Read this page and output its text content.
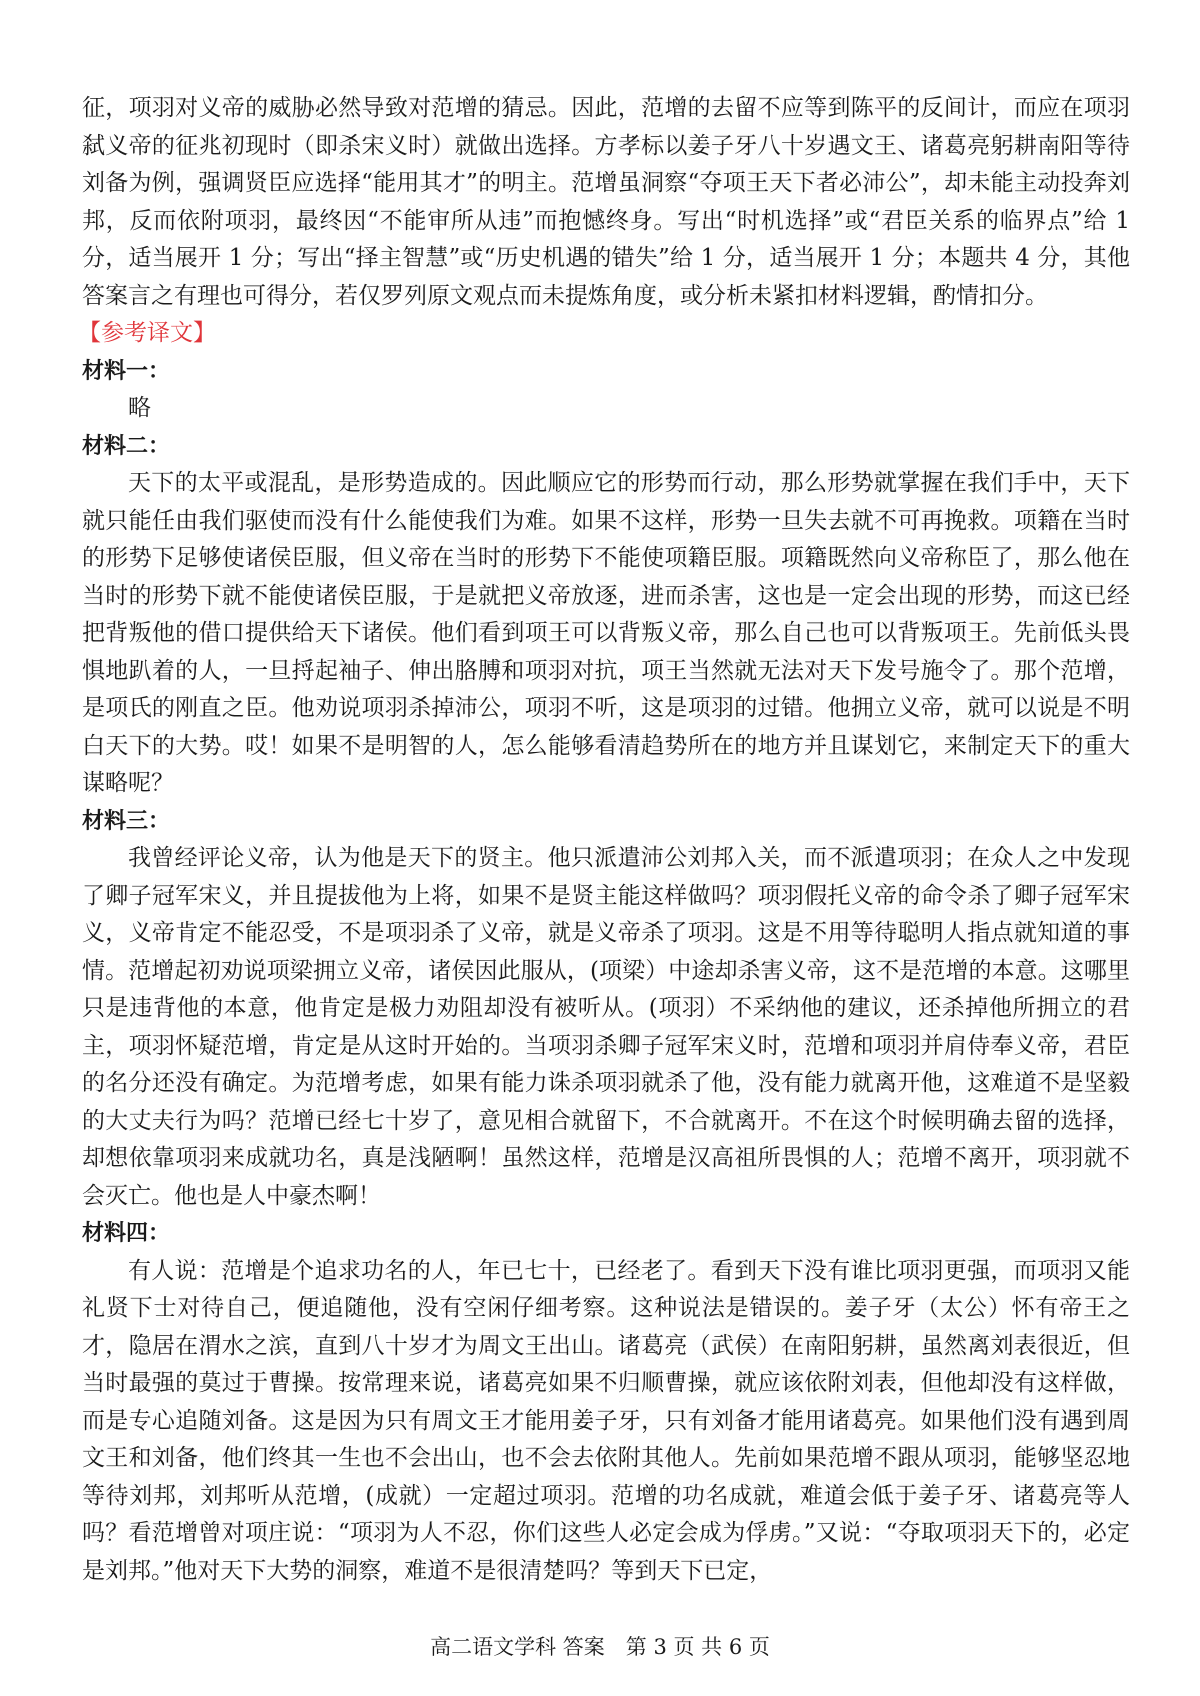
征，项羽对义帝的威胁必然导致对范增的猜忌。因此，范增的去留不应等到陈平的反间计，而应在项羽弑义帝的征兆初现时（即杀宋义时）就做出选择。方孝标以姜子牙八十岁遇文王、诸葛亮躬耕南阳等待刘备为例，强调贤臣应选择“能用其才”的明主。范增虽洞察“夺项王天下者必沛公”，却未能主动投奔刘邦，反而依附项羽，最终因“不能审所从违”而抱憾终身。写出“时机选择”或“君臣关系的临界点”给 1 分，适当展开 1 分；写出“择主智慧”或“历史机遇的错失”给 1 分，适当展开 1 分；本题共 4 分，其他答案言之有理也可得分，若仅罗列原文观点而未提炼角度，或分析未紧扣材料逻辑，酌情扣分。

【参考译文】

材料一：

略

材料二：

天下的太平或混乱，是形势造成的。因此顺应它的形势而行动，那么形势就掌握在我们手中，天下就只能任由我们驱使而没有什么能使我们为难。如果不这样，形势一旦失去就不可再挽救。项籍在当时的形势下足够使诸侯臣服，但义帝在当时的形势下不能使项籍臣服。项籍既然向义帝称臣了，那么他在当时的形势下就不能使诸侯臣服，于是就把义帝放逐，进而杀害，这也是一定会出现的形势，而这已经把背叛他的借口提供给天下诸侯。他们看到项王可以背叛义帝，那么自己也可以背叛项王。先前低头畏惧地趴着的人，一旦捋起袖子、伸出胳膊和项羽对抗，项王当然就无法对天下发号施令了。那个范增，是项氏的刚直之臣。他劝说项羽杀掉沛公，项羽不听，这是项羽的过错。他拥立义帝，就可以说是不明白天下的大势。哎！如果不是明智的人，怎么能够看清趋势所在的地方并且谋划它，来制定天下的重大谋略呢？

材料三：

我曾经评论义帝，认为他是天下的贤主。他只派遣沛公刘邦入关，而不派遣项羽；在众人之中发现了卿子冠军宋义，并且提拔他为上将，如果不是贤主能这样做吗？项羽假托义帝的命令杀了卿子冠军宋义，义帝肯定不能忍受，不是项羽杀了义帝，就是义帝杀了项羽。这是不用等待聪明人指点就知道的事情。范增起初劝说项梁拥立义帝，诸侯因此服从，(项梁）中途却杀害义帝，这不是范增的本意。这哪里只是违背他的本意，他肯定是极力劝阻却没有被听从。(项羽）不采纳他的建议，还杀掉他所拥立的君主，项羽怀疑范增，肯定是从这时开始的。当项羽杀卿子冠军宋义时，范增和项羽并肩侍奉义帝，君臣的名分还没有确定。为范增考虑，如果有能力诛杀项羽就杀了他，没有能力就离开他，这难道不是坚毅的大丈夫行为吗？范增已经七十岁了，意见相合就留下，不合就离开。不在这个时候明确去留的选择，却想依靠项羽来成就功名，真是浅陋啊！虽然这样，范增是汉高祖所畏惧的人；范增不离开，项羽就不会灭亡。他也是人中豪杰啊！

材料四：

有人说：范增是个追求功名的人，年已七十，已经老了。看到天下没有谁比项羽更强，而项羽又能礼贤下士对待自己，便追随他，没有空闲仔细考察。这种说法是错误的。姜子牙（太公）怀有帝王之才，隐居在渭水之滨，直到八十岁才为周文王出山。诸葛亮（武侯）在南阳躬耕，虽然离刘表很近，但当时最强的莫过于曹操。按常理来说，诸葛亮如果不归顺曹操，就应该依附刘表，但他却没有这样做，而是专心追随刘备。这是因为只有周文王才能用姜子牙，只有刘备才能用诸葛亮。如果他们没有遇到周文王和刘备，他们终其一生也不会出山，也不会去依附其他人。先前如果范增不跟从项羽，能够坚忍地等待刘邦，刘邦听从范增，(成就）一定超过项羽。范增的功名成就，难道会低于姜子牙、诸葛亮等人吗？看范增曾对项庄说：“项羽为人不忍，你们这些人必定会成为俘虏。”又说：“夺取项羽天下的，必定是刘邦。”他对天下大势的洞察，难道不是很清楚吗？等到天下已定，

高二语文学科 答案　第 3 页 共 6 页
